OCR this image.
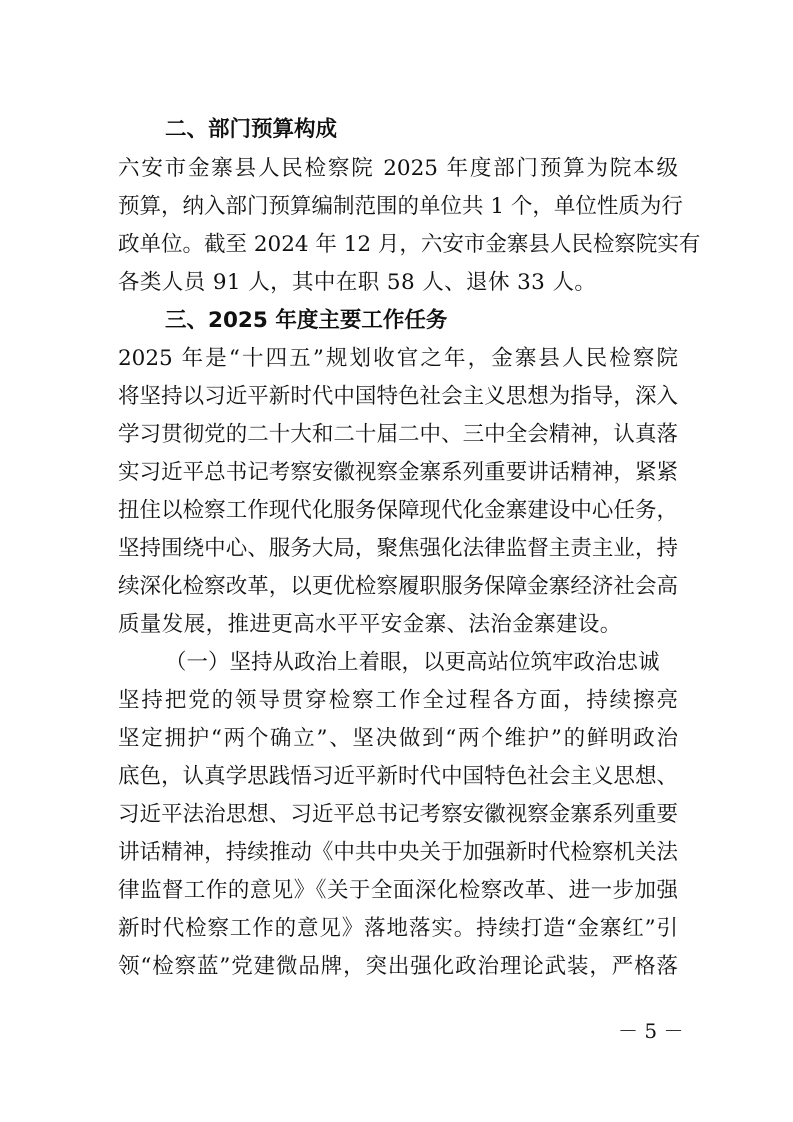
二、部门预算构成
六安市金寨县人民检察院 2025 年度部门预算为院本级
预算，纳入部门预算编制范围的单位共 1 个，单位性质为行
政单位。截至 2024 年 12 月，六安市金寨县人民检察院实有
各类人员 91 人，其中在职 58 人、退休 33 人。
三、2025 年度主要工作任务
2025 年是“十四五”规划收官之年，金寨县人民检察院
将坚持以习近平新时代中国特色社会主义思想为指导，深入
学习贯彻党的二十大和二十届二中、三中全会精神，认真落
实习近平总书记考察安徽视察金寨系列重要讲话精神，紧紧
扭住以检察工作现代化服务保障现代化金寨建设中心任务，
坚持围绕中心、服务大局，聚焦强化法律监督主责主业，持
续深化检察改革，以更优检察履职服务保障金寨经济社会高
质量发展，推进更高水平平安金寨、法治金寨建设。
（一）坚持从政治上着眼，以更高站位筑牢政治忠诚
坚持把党的领导贯穿检察工作全过程各方面，持续擦亮
坚定拥护“两个确立”、坚决做到“两个维护”的鲜明政治
底色，认真学思践悟习近平新时代中国特色社会主义思想、
习近平法治思想、习近平总书记考察安徽视察金寨系列重要
讲话精神，持续推动《中共中央关于加强新时代检察机关法
律监督工作的意见》《关于全面深化检察改革、进一步加强
新时代检察工作的意见》落地落实。持续打造“金寨红”引
领“检察蓝”党建微品牌，突出强化政治理论武装，严格落
－ 5 －
